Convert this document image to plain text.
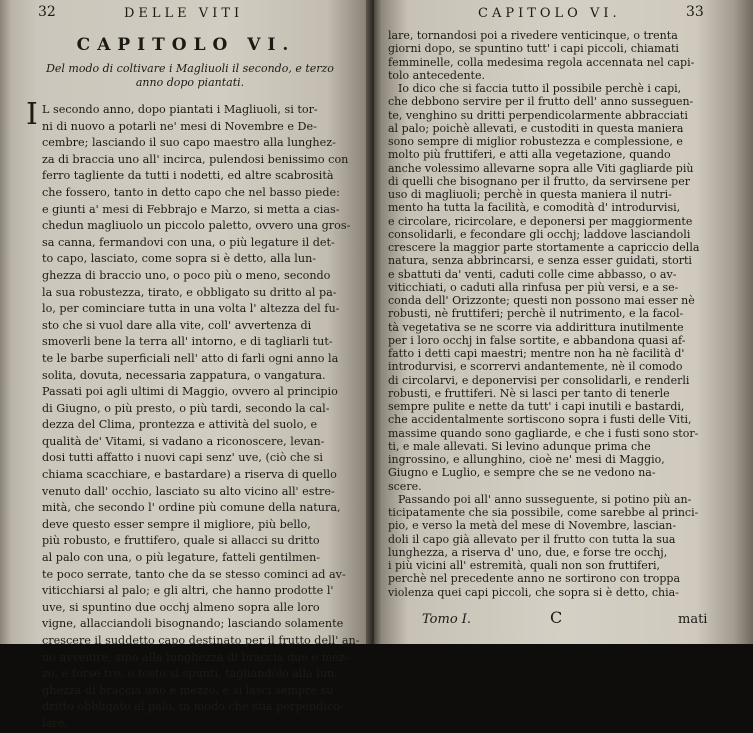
32	DELLE VITI
CAPITOLO VI.
Del modo di coltivare i Magliuoli il secondo, e terzo anno dopo piantati.
I L secondo anno, dopo piantati i Magliuoli, si tor-
ni di nuovo a potarli ne' mesi di Novembre e De-
cembre; lasciando il suo capo maestro alla lunghez-
za di braccia uno all' incirca, pulendosi benissimo con
ferro tagliente da tutti i nodetti, ed altre scabrosità
che fossero, tanto in detto capo che nel basso piede:
e giunti a' mesi di Febbrajo e Marzo, si metta a cias-
chedun magliuolo un piccolo paletto, ovvero una gros-
sa canna, fermandovi con una, o più legature il det-
to capo, lasciato, come sopra si è detto, alla lun-
ghezza di braccio uno, o poco più o meno, secondo
la sua robustezza, tirato, e obbligato su dritto al pa-
lo, per cominciare tutta in una volta l' altezza del fu-
sto che si vuol dare alla vite, coll' avvertenza di
smoverli bene la terra all' intorno, e di tagliarli tut-
te le barbe superficiali nell' atto di farli ogni anno la
solita, dovuta, necessaria zappatura, o vangatura.
Passati poi agli ultimi di Maggio, ovvero al principio
di Giugno, o più presto, o più tardi, secondo la cal-
dezza del Clima, prontezza e attività del suolo, e
qualità de' Vitami, si vadano a riconoscere, levan-
dosi tutti affatto i nuovi capi senz' uve, (ciò che si
chiama scacchiare, e bastardare) a riserva di quello
venuto dall' occhio, lasciato su alto vicino all' estre-
mità, che secondo l' ordine più comune della natura,
deve questo esser sempre il migliore, più bello,
più robusto, e fruttifero, quale si allacci su dritto
al palo con una, o più legature, fatteli gentilmen-
te poco serrate, tanto che da se stesso cominci ad av-
viticchiarsi al palo; e gli altri, che hanno prodotte l'
uve, si spuntino due occhj almeno sopra alle loro
vigne, allacciandoli bisognando; lasciando solamente
crescere il suddetto capo destinato per il frutto dell' an-
no avvenire, sino alla lunghezza di braccia due e mez-
zo, e forse tre, o tosto si spunti, tagliandolo alla lun-
ghezza di braccia uno e mezzo, e si lasci sempre su
dritto obbligato al palo, in modo che stia perpendico-
lare,
CAPITOLO VI.	33
lare, tornandosi poi a rivedere venticinque, o trenta
giorni dopo, se spuntino tutt' i capi piccoli, chiamati
femminelle, colla medesima regola accennata nel capi-
tolo antecedente.
Io dico che si faccia tutto il possibile perchè i capi,
che debbono servire per il frutto dell' anno susseguen-
te, venghino su dritti perpendicolarmente abbracciati
al palo; poichè allevati, e custoditi in questa maniera
sono sempre di miglior robustezza e complessione, e
molto più fruttiferi, e atti alla vegetazione, quando
anche volessimo allevarne sopra alle Viti gagliarde più
di quelli che bisognano per il frutto, da servirsene per
uso di magliuoli; perchè in questa maniera il nutri-
mento ha tutta la facilità, e comodità d' introdurvisi,
e circolare, ricircolare, e deponersi per maggiormente
consolidarli, e fecondare gli occhj; laddove lasciandoli
crescere la maggior parte stortamente a capriccio della
natura, senza abbrincarsi, e senza esser guidati, storti
e sbattuti da' venti, caduti colle cime abbasso, o av-
viticchiati, o caduti alla rinfusa per più versi, e a se-
conda dell' Orizzonte; questi non possono mai esser nè
robusti, nè fruttiferi; perchè il nutrimento, e la facol-
tà vegetativa se ne scorre via addirittura inutilmente
per i loro occhj in false sortite, e abbandona quasi af-
fatto i detti capi maestri; mentre non ha nè facilità d'
introdurvisi, e scorrervi andantemente, nè il comodo
di circolarvi, e deponervisi per consolidarli, e renderli
robusti, e fruttiferi. Nè si lasci per tanto di tenerle
sempre pulite e nette da tutt' i capi inutili e bastardi,
che accidentalmente sortiscono sopra i fusti delle Viti,
massime quando sono gagliarde, e che i fusti sono stor-
ti, e male allevati. Si levino adunque prima che
ingrossino, e allunghino, cioè ne' mesi di Maggio,
Giugno e Luglio, e sempre che se ne vedono na-
scere.
Passando poi all' anno susseguente, si potino più an-
ticipatamente che sia possibile, come sarebbe al princi-
pio, e verso la metà del mese di Novembre, lascian-
doli il capo già allevato per il frutto con tutta la sua
lunghezza, a riserva d' uno, due, e forse tre occhj,
i più vicini all' estremità, quali non son fruttiferi,
perchè nel precedente anno ne sortirono con troppa
violenza quei capi piccoli, che sopra si è detto, chia-
Tomo I.	C	mati
